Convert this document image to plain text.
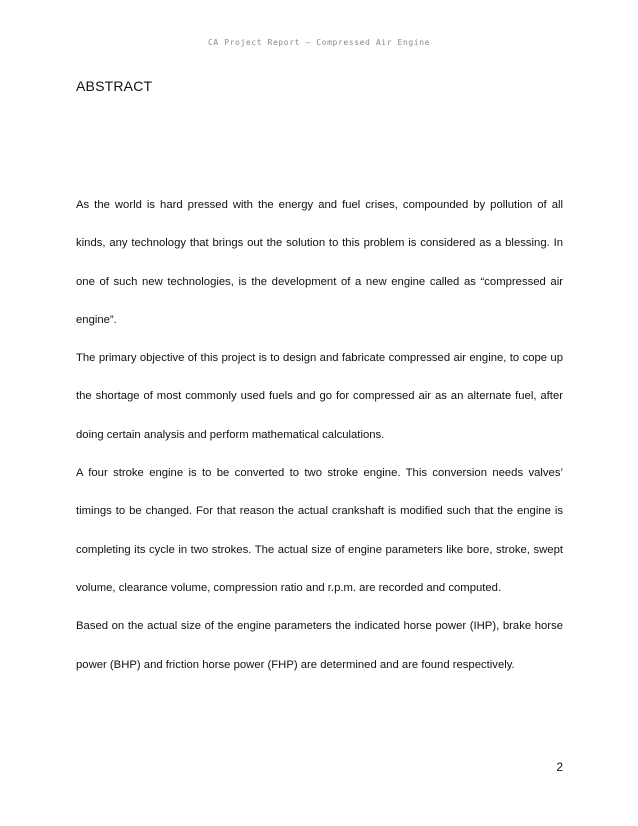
CA Project Report — Compressed Air Engine
ABSTRACT

As the world is hard pressed with the energy and fuel crises, compounded by pollution of all kinds, any technology that brings out the solution to this problem is considered as a blessing. In one of such new technologies, is the development of a new engine called as “compressed air engine”.

The primary objective of this project is to design and fabricate compressed air engine, to cope up the shortage of most commonly used fuels and go for compressed air as an alternate fuel, after doing certain analysis and perform mathematical calculations.

A four stroke engine is to be converted to two stroke engine. This conversion needs valves’ timings to be changed. For that reason the actual crankshaft is modified such that the engine is completing its cycle in two strokes. The actual size of engine parameters like bore, stroke, swept volume, clearance volume, compression ratio and r.p.m. are recorded and computed.

Based on the actual size of the engine parameters the indicated horse power (IHP), brake horse power (BHP) and friction horse power (FHP) are determined and are found respectively.

2
